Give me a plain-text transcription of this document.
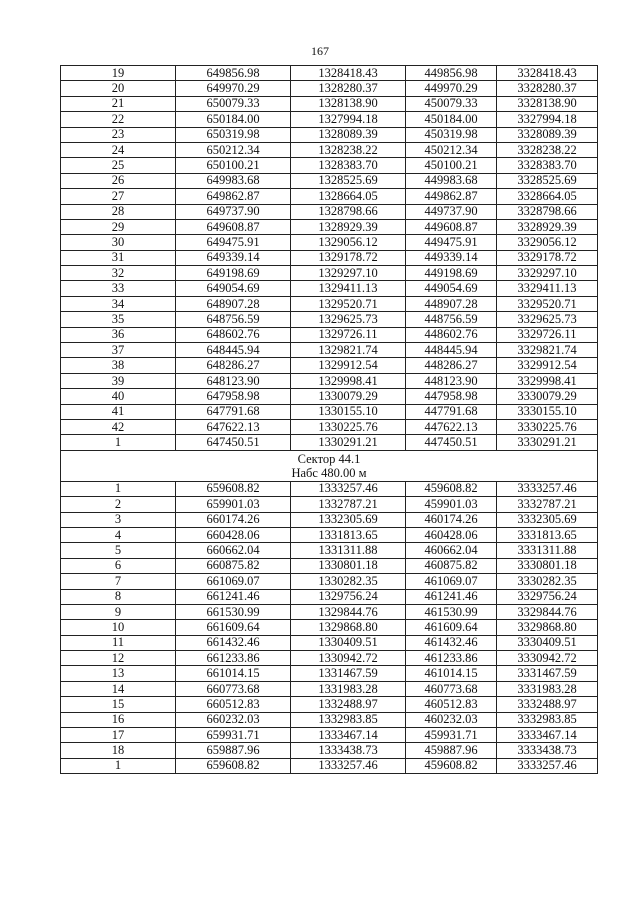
167
19	649856.98	1328418.43	449856.98	3328418.43
20	649970.29	1328280.37	449970.29	3328280.37
21	650079.33	1328138.90	450079.33	3328138.90
22	650184.00	1327994.18	450184.00	3327994.18
23	650319.98	1328089.39	450319.98	3328089.39
24	650212.34	1328238.22	450212.34	3328238.22
25	650100.21	1328383.70	450100.21	3328383.70
26	649983.68	1328525.69	449983.68	3328525.69
27	649862.87	1328664.05	449862.87	3328664.05
28	649737.90	1328798.66	449737.90	3328798.66
29	649608.87	1328929.39	449608.87	3328929.39
30	649475.91	1329056.12	449475.91	3329056.12
31	649339.14	1329178.72	449339.14	3329178.72
32	649198.69	1329297.10	449198.69	3329297.10
33	649054.69	1329411.13	449054.69	3329411.13
34	648907.28	1329520.71	448907.28	3329520.71
35	648756.59	1329625.73	448756.59	3329625.73
36	648602.76	1329726.11	448602.76	3329726.11
37	648445.94	1329821.74	448445.94	3329821.74
38	648286.27	1329912.54	448286.27	3329912.54
39	648123.90	1329998.41	448123.90	3329998.41
40	647958.98	1330079.29	447958.98	3330079.29
41	647791.68	1330155.10	447791.68	3330155.10
42	647622.13	1330225.76	447622.13	3330225.76
1	647450.51	1330291.21	447450.51	3330291.21

Сектор 44.1
Набс 480.00 м				

1	659608.82	1333257.46	459608.82	3333257.46
2	659901.03	1332787.21	459901.03	3332787.21
3	660174.26	1332305.69	460174.26	3332305.69
4	660428.06	1331813.65	460428.06	3331813.65
5	660662.04	1331311.88	460662.04	3331311.88
6	660875.82	1330801.18	460875.82	3330801.18
7	661069.07	1330282.35	461069.07	3330282.35
8	661241.46	1329756.24	461241.46	3329756.24
9	661530.99	1329844.76	461530.99	3329844.76
10	661609.64	1329868.80	461609.64	3329868.80
11	661432.46	1330409.51	461432.46	3330409.51
12	661233.86	1330942.72	461233.86	3330942.72
13	661014.15	1331467.59	461014.15	3331467.59
14	660773.68	1331983.28	460773.68	3331983.28
15	660512.83	1332488.97	460512.83	3332488.97
16	660232.03	1332983.85	460232.03	3332983.85
17	659931.71	1333467.14	459931.71	3333467.14
18	659887.96	1333438.73	459887.96	3333438.73
1	659608.82	1333257.46	459608.82	3333257.46
